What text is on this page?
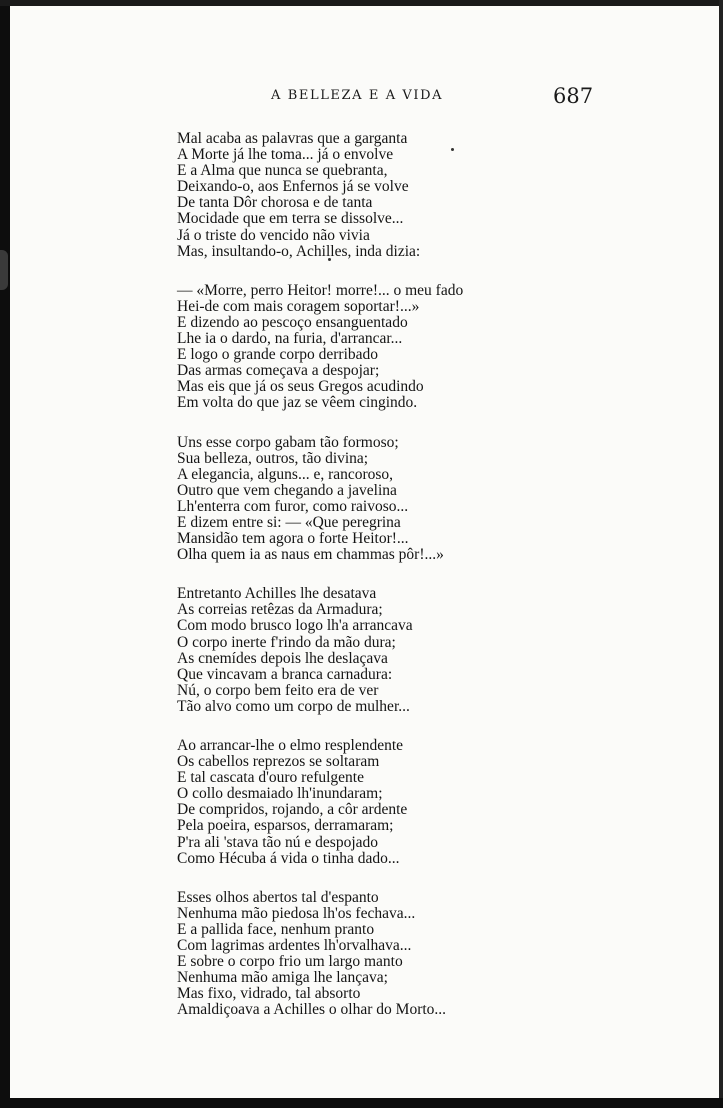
A BELLEZA E A VIDA	687
Mal acaba as palavras que a garganta
A Morte já lhe toma... já o envolve
E a Alma que nunca se quebranta,
Deixando-o, aos Enfernos já se volve
De tanta Dôr chorosa e de tanta
Mocidade que em terra se dissolve...
Já o triste do vencido não vivia
Mas, insultando-o, Achilles, inda dizia:
— «Morre, perro Heitor! morre!... o meu fado
Hei-de com mais coragem soportar!...»
E dizendo ao pescoço ensanguentado
Lhe ia o dardo, na furia, d'arrancar...
E logo o grande corpo derribado
Das armas começava a despojar;
Mas eis que já os seus Gregos acudindo
Em volta do que jaz se vêem cingindo.
Uns esse corpo gabam tão formoso;
Sua belleza, outros, tão divina;
A elegancia, alguns... e, rancoroso,
Outro que vem chegando a javelina
Lh'enterra com furor, como raivoso...
E dizem entre si: — «Que peregrina
Mansidão tem agora o forte Heitor!...
Olha quem ia as naus em chammas pôr!...»
Entretanto Achilles lhe desatava
As correias retêzas da Armadura;
Com modo brusco logo lh'a arrancava
O corpo inerte f'rindo da mão dura;
As cnemídes depois lhe deslaçava
Que vincavam a branca carnadura:
Nú, o corpo bem feito era de ver
Tão alvo como um corpo de mulher...
Ao arrancar-lhe o elmo resplendente
Os cabellos reprezos se soltaram
E tal cascata d'ouro refulgente
O collo desmaiado lh'inundaram;
De compridos, rojando, a côr ardente
Pela poeira, esparsos, derramaram;
P'ra ali 'stava tão nú e despojado
Como Hécuba á vida o tinha dado...
Esses olhos abertos tal d'espanto
Nenhuma mão piedosa lh'os fechava...
E a pallida face, nenhum pranto
Com lagrimas ardentes lh'orvalhava...
E sobre o corpo frio um largo manto
Nenhuma mão amiga lhe lançava;
Mas fixo, vidrado, tal absorto
Amaldiçoava a Achilles o olhar do Morto...
